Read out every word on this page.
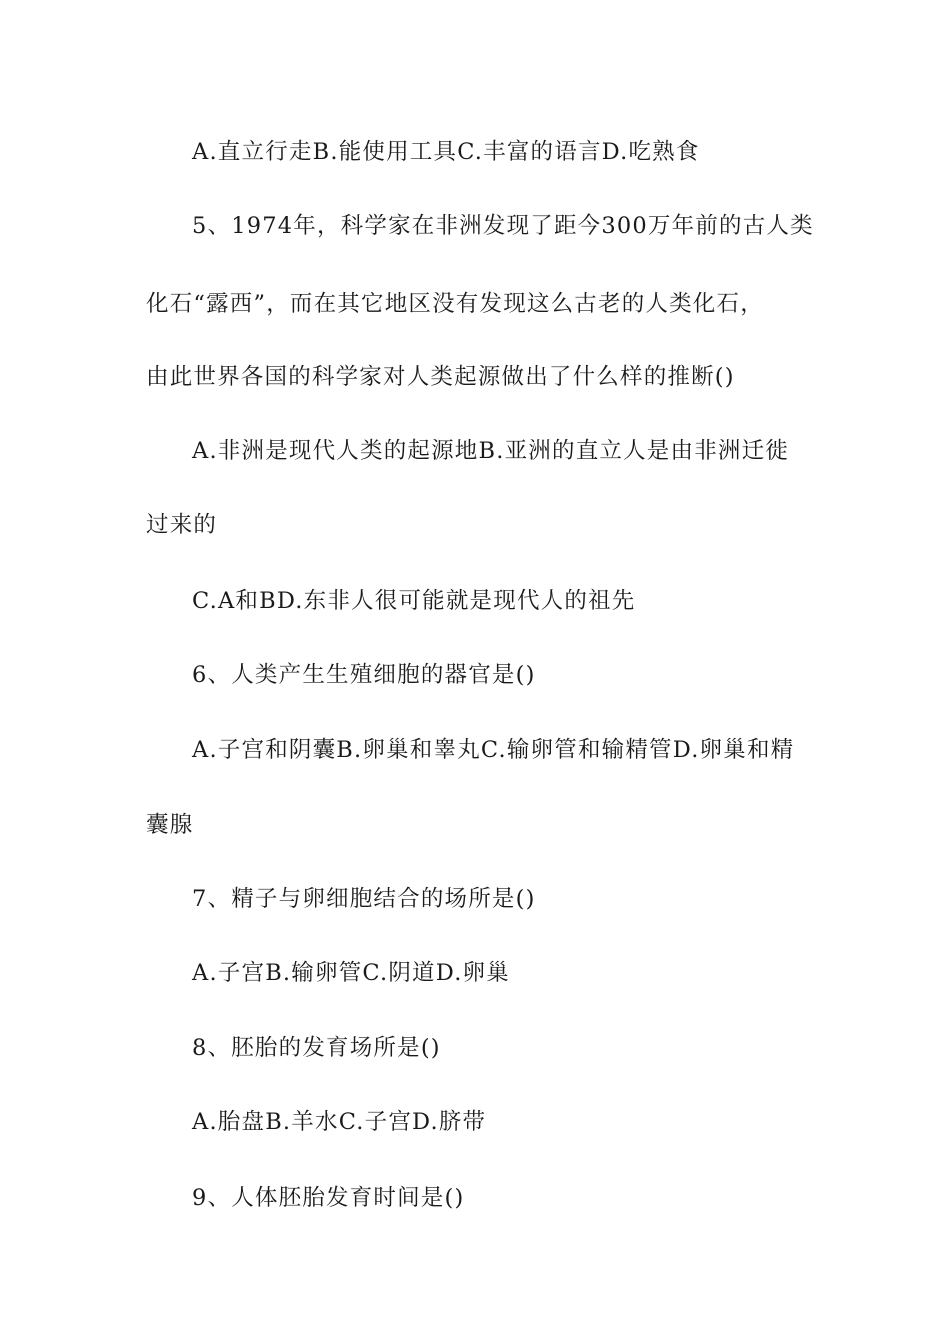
A.直立行走B.能使用工具C.丰富的语言D.吃熟食
5、1974年，科学家在非洲发现了距今300万年前的古人类
化石“露西”，而在其它地区没有发现这么古老的人类化石，
由此世界各国的科学家对人类起源做出了什么样的推断()
A.非洲是现代人类的起源地B.亚洲的直立人是由非洲迁徙
过来的
C.A和BD.东非人很可能就是现代人的祖先
6、人类产生生殖细胞的器官是()
A.子宫和阴囊B.卵巢和睾丸C.输卵管和输精管D.卵巢和精
囊腺
7、精子与卵细胞结合的场所是()
A.子宫B.输卵管C.阴道D.卵巢
8、胚胎的发育场所是()
A.胎盘B.羊水C.子宫D.脐带
9、人体胚胎发育时间是()
